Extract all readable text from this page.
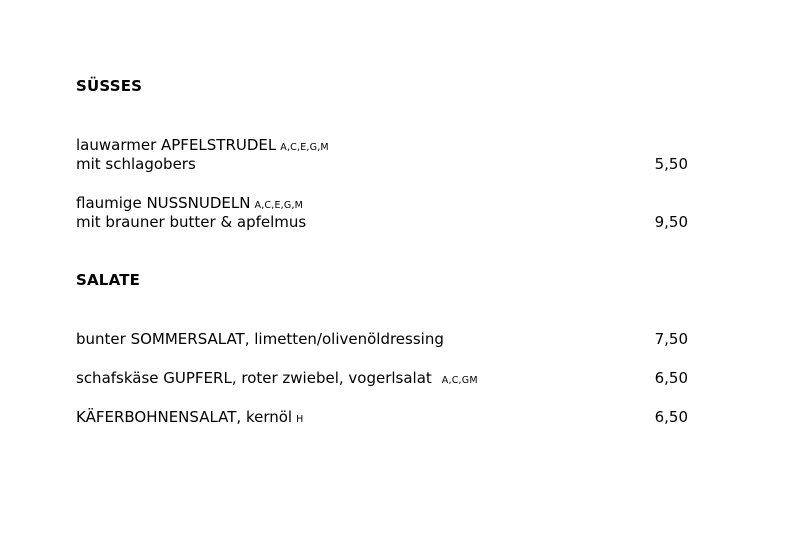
SÜSSES
lauwarmer APFELSTRUDEL A,C,E,G,M
mit schlagobers	5,50
flaumige NUSSNUDELN A,C,E,G,M
mit brauner butter & apfelmus	9,50
SALATE
bunter SOMMERSALAT, limetten/olivenöldressing	7,50
schafskäse GUPFERL, roter zwiebel, vogerlsalat A,C,GM	6,50
KÄFERBOHNENSALAT, kernöl H	6,50
